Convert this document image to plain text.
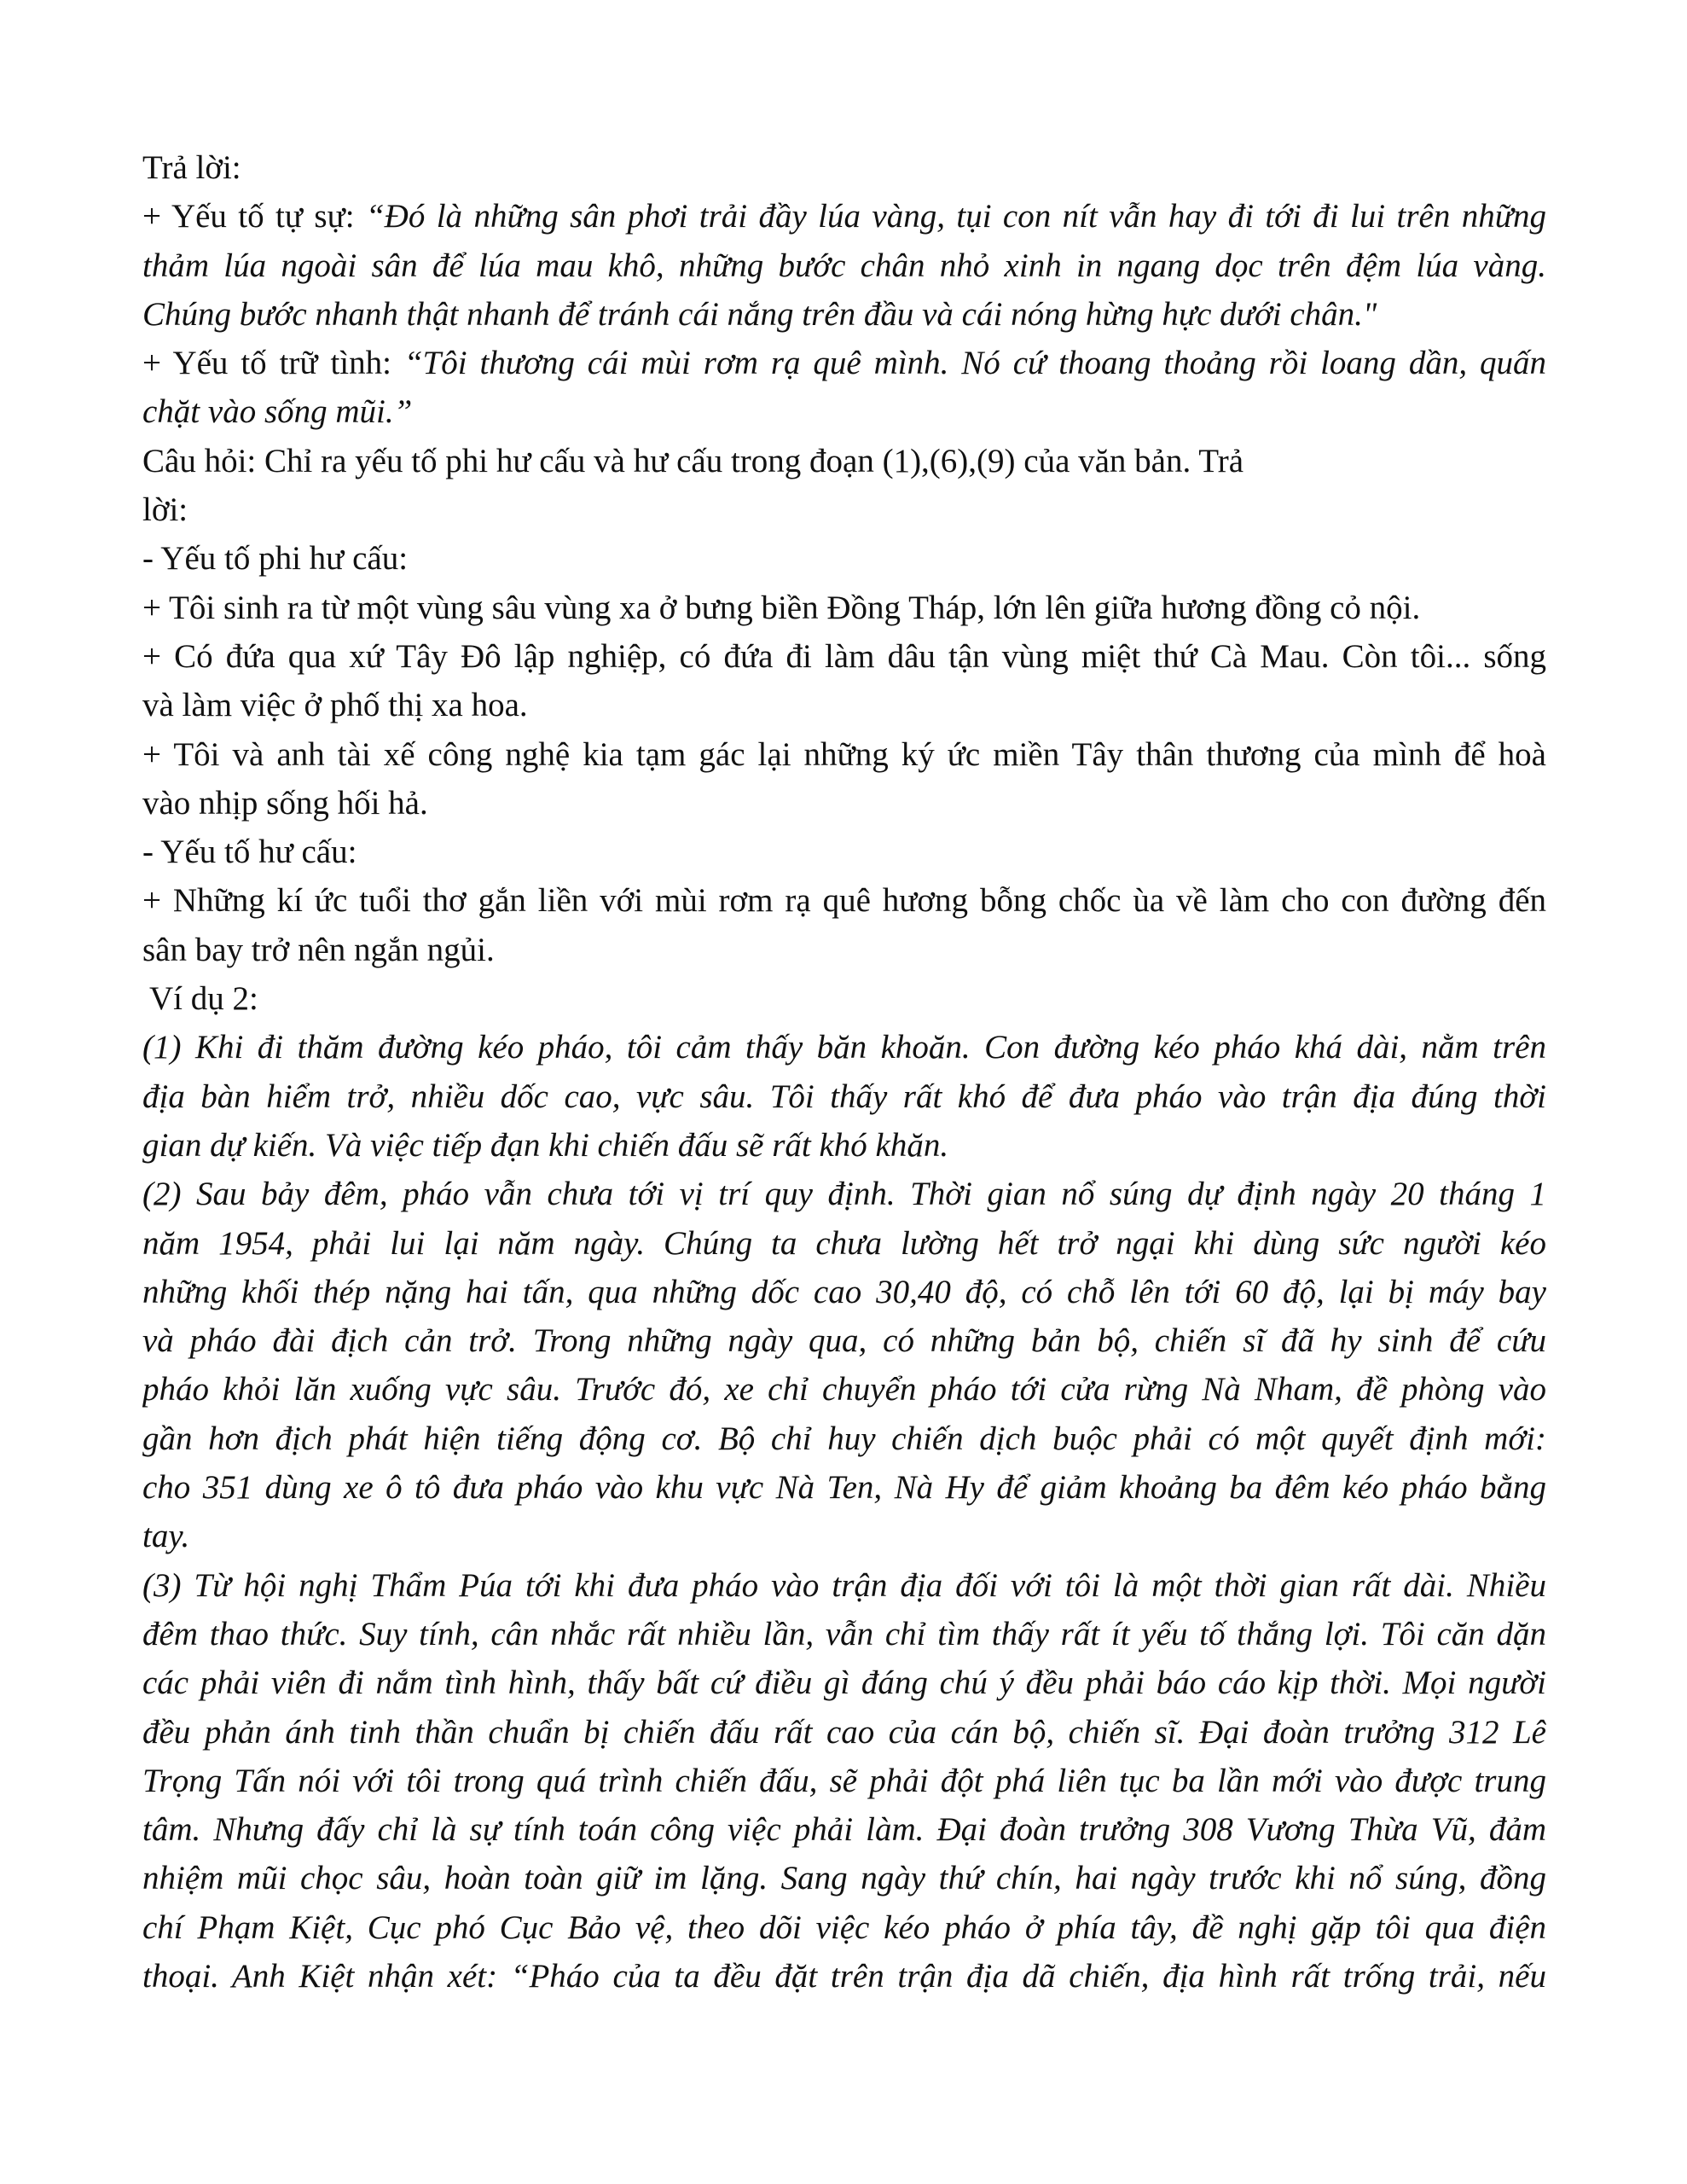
Trả lời:
+ Yếu tố tự sự: “Đó là những sân phơi trải đầy lúa vàng, tụi con nít vẫn hay đi tới đi lui trên những
thảm lúa ngoài sân để lúa mau khô, những bước chân nhỏ xinh in ngang dọc trên đệm lúa vàng.
Chúng bước nhanh thật nhanh để tránh cái nắng trên đầu và cái nóng hừng hực dưới chân."
+ Yếu tố trữ tình: “Tôi thương cái mùi rơm rạ quê mình. Nó cứ thoang thoảng rồi loang dần, quấn
chặt vào sống mũi.”
Câu hỏi: Chỉ ra yếu tố phi hư cấu và hư cấu trong đoạn (1),(6),(9) của văn bản. Trả
lời:
- Yếu tố phi hư cấu:
+ Tôi sinh ra từ một vùng sâu vùng xa ở bưng biền Đồng Tháp, lớn lên giữa hương đồng cỏ nội.
+ Có đứa qua xứ Tây Đô lập nghiệp, có đứa đi làm dâu tận vùng miệt thứ Cà Mau. Còn tôi... sống
và làm việc ở phố thị xa hoa.
+ Tôi và anh tài xế công nghệ kia tạm gác lại những ký ức miền Tây thân thương của mình để hoà
vào nhịp sống hối hả.
- Yếu tố hư cấu:
+ Những kí ức tuổi thơ gắn liền với mùi rơm rạ quê hương bỗng chốc ùa về làm cho con đường đến
sân bay trở nên ngắn ngủi.
Ví dụ 2:
(1) Khi đi thăm đường kéo pháo, tôi cảm thấy băn khoăn. Con đường kéo pháo khá dài, nằm trên
địa bàn hiểm trở, nhiều dốc cao, vực sâu. Tôi thấy rất khó để đưa pháo vào trận địa đúng thời
gian dự kiến. Và việc tiếp đạn khi chiến đấu sẽ rất khó khăn.
(2) Sau bảy đêm, pháo vẫn chưa tới vị trí quy định. Thời gian nổ súng dự định ngày 20 tháng 1
năm 1954, phải lui lại năm ngày. Chúng ta chưa lường hết trở ngại khi dùng sức người kéo
những khối thép nặng hai tấn, qua những dốc cao 30,40 độ, có chỗ lên tới 60 độ, lại bị máy bay
và pháo đài địch cản trở. Trong những ngày qua, có những bản bộ, chiến sĩ đã hy sinh để cứu
pháo khỏi lăn xuống vực sâu. Trước đó, xe chỉ chuyển pháo tới cửa rừng Nà Nham, đề phòng vào
gần hơn địch phát hiện tiếng động cơ. Bộ chỉ huy chiến dịch buộc phải có một quyết định mới:
cho 351 dùng xe ô tô đưa pháo vào khu vực Nà Ten, Nà Hy để giảm khoảng ba đêm kéo pháo bằng
tay.
(3) Từ hội nghị Thẩm Púa tới khi đưa pháo vào trận địa đối với tôi là một thời gian rất dài. Nhiều
đêm thao thức. Suy tính, cân nhắc rất nhiều lần, vẫn chỉ tìm thấy rất ít yếu tố thắng lợi. Tôi căn dặn
các phải viên đi nắm tình hình, thấy bất cứ điều gì đáng chú ý đều phải báo cáo kịp thời. Mọi người
đều phản ánh tinh thần chuẩn bị chiến đấu rất cao của cán bộ, chiến sĩ. Đại đoàn trưởng 312 Lê
Trọng Tấn nói với tôi trong quá trình chiến đấu, sẽ phải đột phá liên tục ba lần mới vào được trung
tâm. Nhưng đấy chỉ là sự tính toán công việc phải làm. Đại đoàn trưởng 308 Vương Thừa Vũ, đảm
nhiệm mũi chọc sâu, hoàn toàn giữ im lặng. Sang ngày thứ chín, hai ngày trước khi nổ súng, đồng
chí Phạm Kiệt, Cục phó Cục Bảo vệ, theo dõi việc kéo pháo ở phía tây, đề nghị gặp tôi qua điện
thoại. Anh Kiệt nhận xét: “Pháo của ta đều đặt trên trận địa dã chiến, địa hình rất trống trải, nếu
